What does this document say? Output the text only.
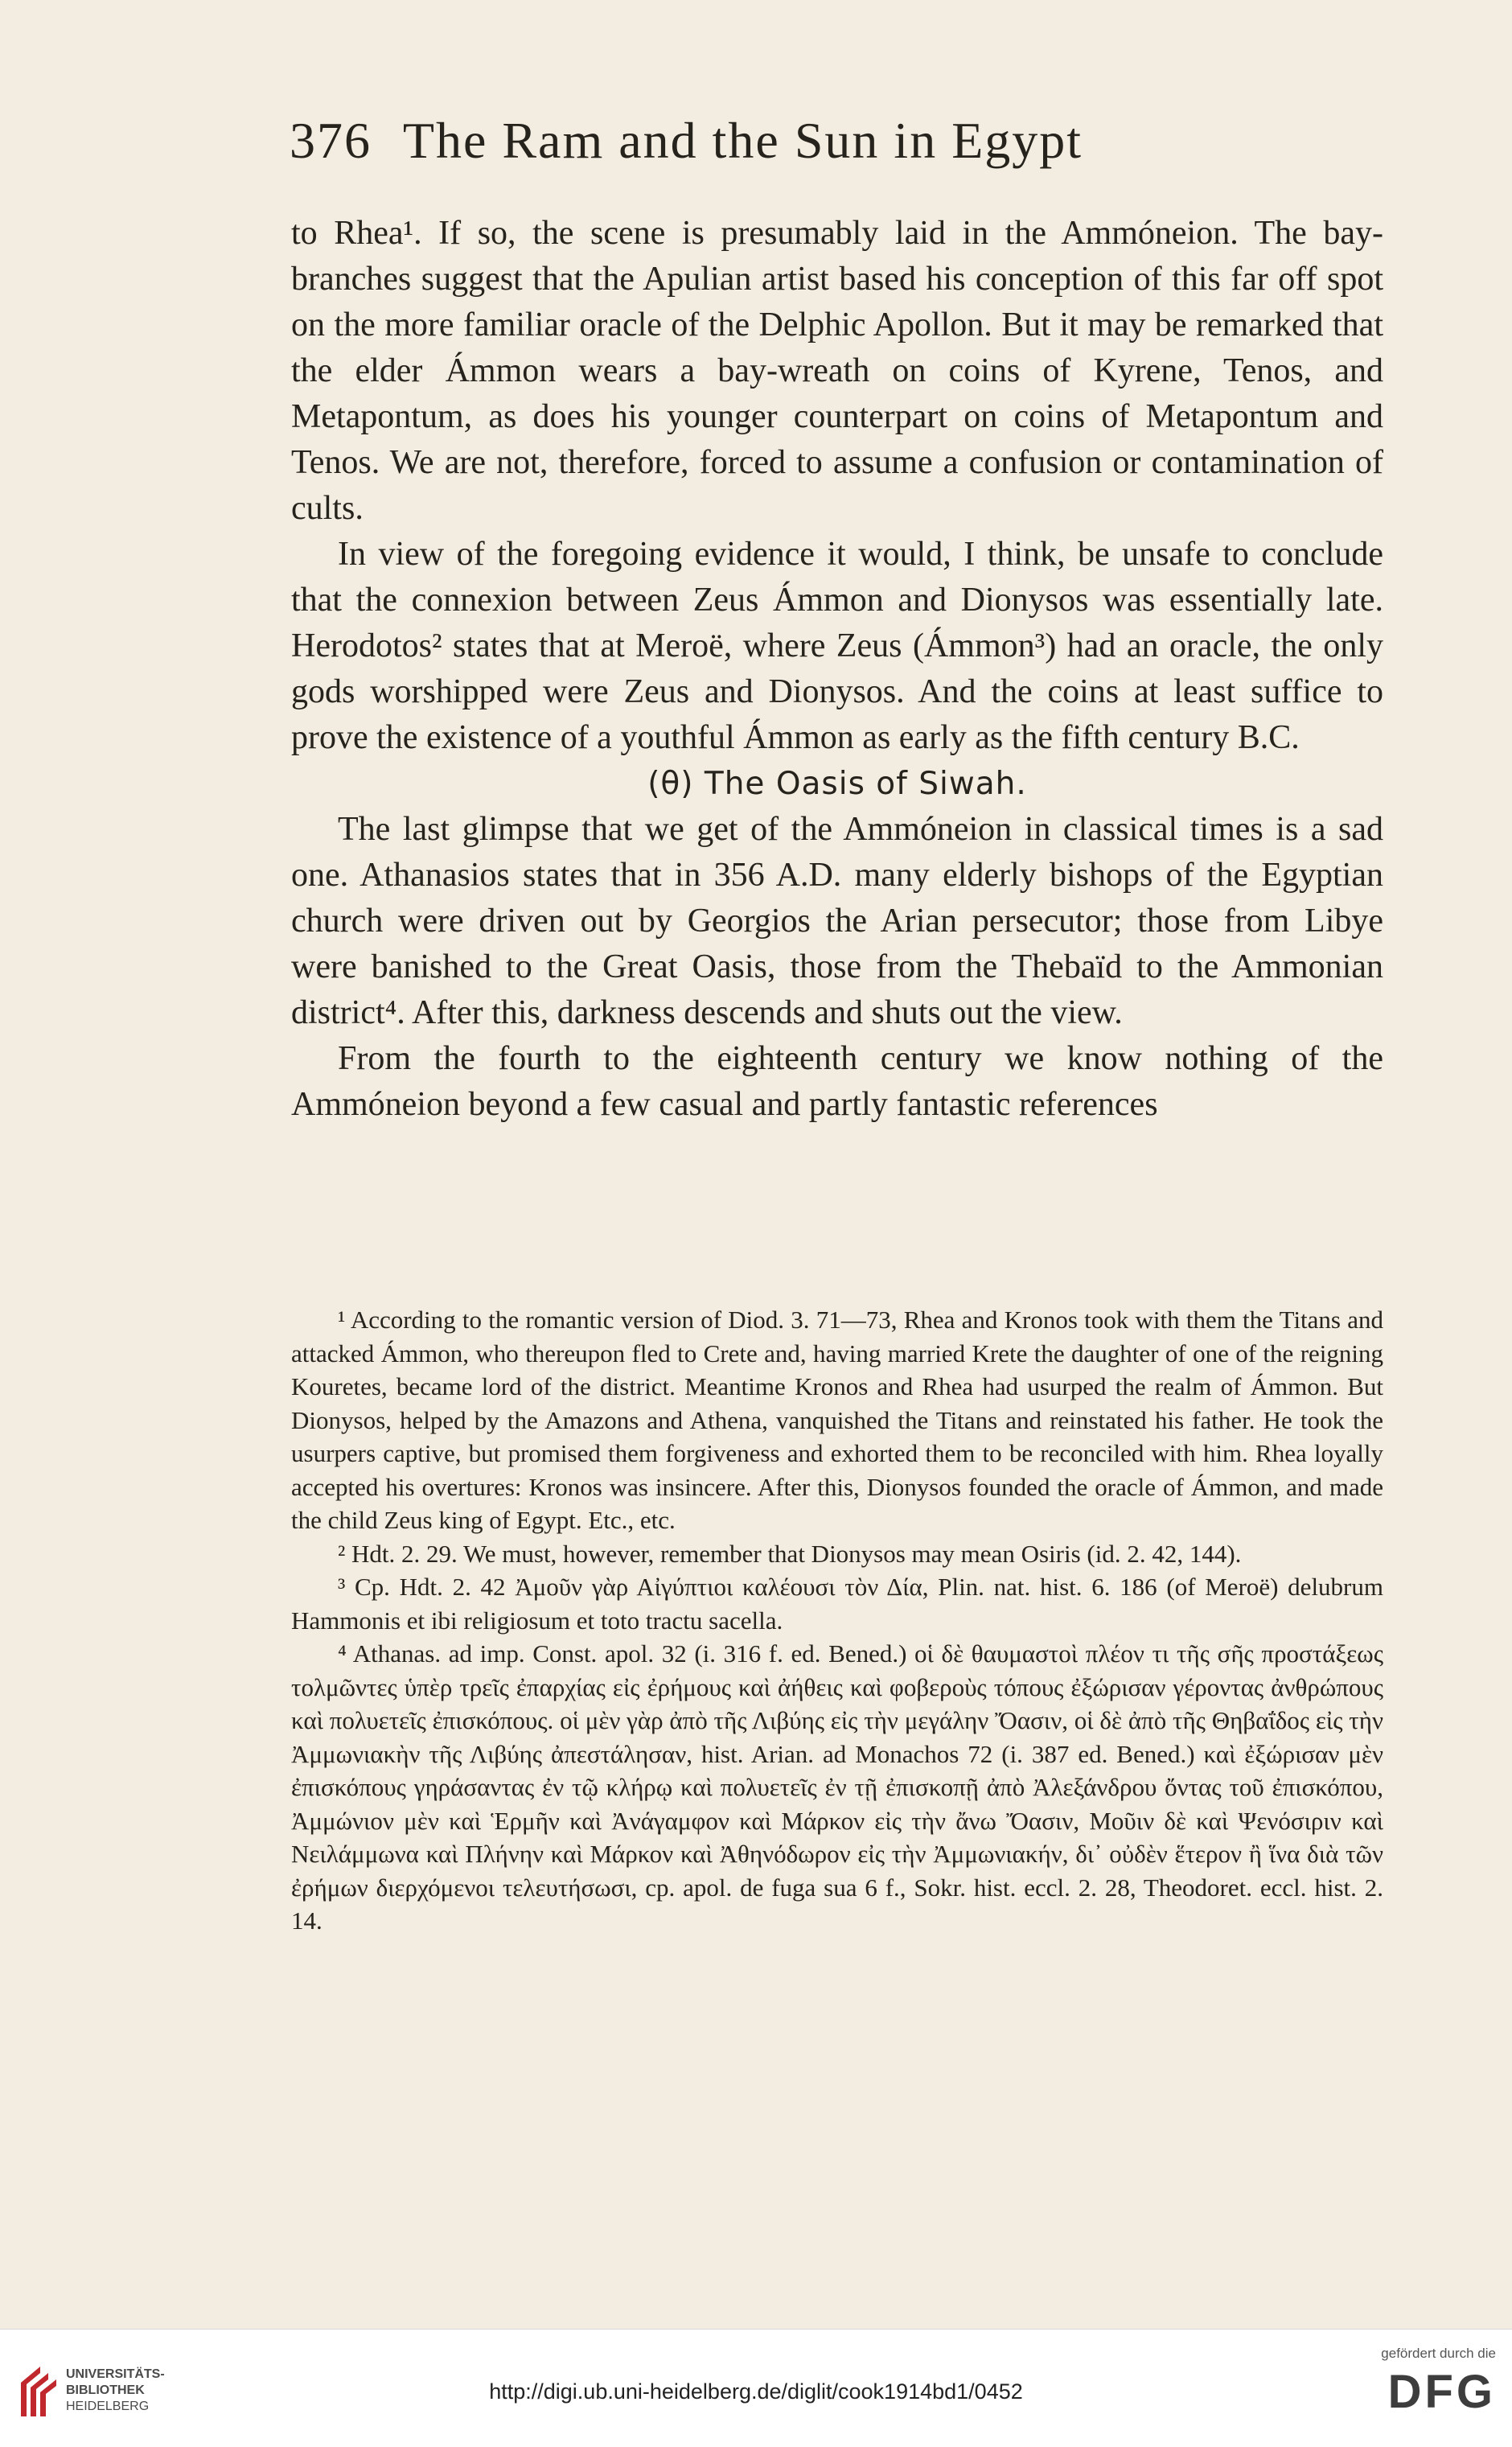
376 The Ram and the Sun in Egypt

to Rhea¹. If so, the scene is presumably laid in the Ammóneion. The bay-branches suggest that the Apulian artist based his conception of this far off spot on the more familiar oracle of the Delphic Apollon. But it may be remarked that the elder Ámmon wears a bay-wreath on coins of Kyrene, Tenos, and Metapontum, as does his younger counterpart on coins of Metapontum and Tenos. We are not, therefore, forced to assume a confusion or contamination of cults.

In view of the foregoing evidence it would, I think, be unsafe to conclude that the connexion between Zeus Ámmon and Dionysos was essentially late. Herodotos² states that at Meroë, where Zeus (Ámmon³) had an oracle, the only gods worshipped were Zeus and Dionysos. And the coins at least suffice to prove the existence of a youthful Ámmon as early as the fifth century B.C.

(θ) The Oasis of Siwah.

The last glimpse that we get of the Ammóneion in classical times is a sad one. Athanasios states that in 356 A.D. many elderly bishops of the Egyptian church were driven out by Georgios the Arian persecutor; those from Libye were banished to the Great Oasis, those from the Thebaïd to the Ammonian district⁴. After this, darkness descends and shuts out the view.

From the fourth to the eighteenth century we know nothing of the Ammóneion beyond a few casual and partly fantastic references

¹ According to the romantic version of Diod. 3. 71—73, Rhea and Kronos took with them the Titans and attacked Ámmon, who thereupon fled to Crete and, having married Krete the daughter of one of the reigning Kouretes, became lord of the district. Meantime Kronos and Rhea had usurped the realm of Ámmon. But Dionysos, helped by the Amazons and Athena, vanquished the Titans and reinstated his father. He took the usurpers captive, but promised them forgiveness and exhorted them to be reconciled with him. Rhea loyally accepted his overtures: Kronos was insincere. After this, Dionysos founded the oracle of Ámmon, and made the child Zeus king of Egypt. Etc., etc.

² Hdt. 2. 29. We must, however, remember that Dionysos may mean Osiris (id. 2. 42, 144).

³ Cp. Hdt. 2. 42 Ἀμοῦν γὰρ Αἰγύπτιοι καλέουσι τὸν Δία, Plin. nat. hist. 6. 186 (of Meroë) delubrum Hammonis et ibi religiosum et toto tractu sacella.

⁴ Athanas. ad imp. Const. apol. 32 (i. 316 f. ed. Bened.) οἱ δὲ θαυμαστοὶ πλέον τι τῆς σῆς προστάξεως τολμῶντες ὑπὲρ τρεῖς ἐπαρχίας εἰς ἐρήμους καὶ ἀήθεις καὶ φοβεροὺς τόπους ἐξώρισαν γέροντας ἀνθρώπους καὶ πολυετεῖς ἐπισκόπους. οἱ μὲν γὰρ ἀπὸ τῆς Λιβύης εἰς τὴν μεγάλην Ὄασιν, οἱ δὲ ἀπὸ τῆς Θηβαΐδος εἰς τὴν Ἀμμωνιακὴν τῆς Λιβύης ἀπεστάλησαν, hist. Arian. ad Monachos 72 (i. 387 ed. Bened.) καὶ ἐξώρισαν μὲν ἐπισκόπους γηράσαντας ἐν τῷ κλήρῳ καὶ πολυετεῖς ἐν τῇ ἐπισκοπῇ ἀπὸ Ἀλεξάνδρου ὄντας τοῦ ἐπισκόπου, Ἀμμώνιον μὲν καὶ Ἑρμῆν καὶ Ἀνάγαμφον καὶ Μάρκον εἰς τὴν ἄνω Ὄασιν, Μοῦιν δὲ καὶ Ψενόσιριν καὶ Νειλάμμωνα καὶ Πλήνην καὶ Μάρκον καὶ Ἀθηνόδωρον εἰς τὴν Ἀμμωνιακήν, δι᾽ οὐδὲν ἕτερον ἢ ἵνα διὰ τῶν ἐρήμων διερχόμενοι τελευτήσωσι, cp. apol. de fuga sua 6 f., Sokr. hist. eccl. 2. 28, Theodoret. eccl. hist. 2. 14.

UNIVERSITÄTS-
BIBLIOTHEK
HEIDELBERG
http://digi.ub.uni-heidelberg.de/diglit/cook1914bd1/0452
gefördert durch die
DFG
